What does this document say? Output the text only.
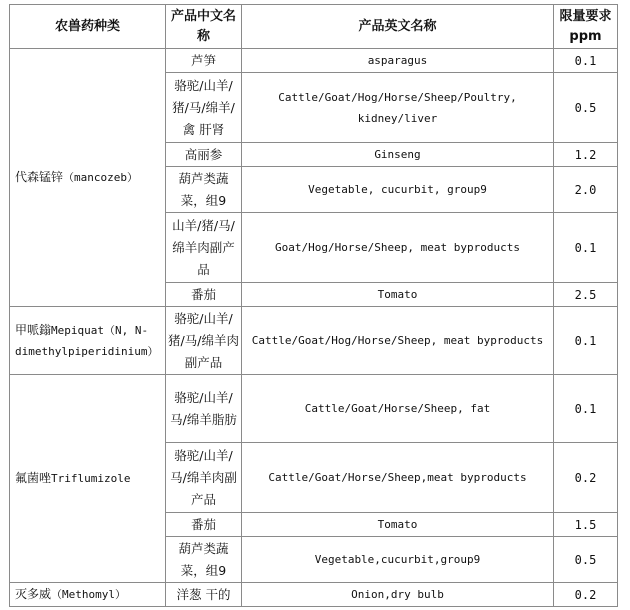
农兽药种类	产品中文名称	产品英文名称	限量要求ppm
代森锰锌（mancozeb）	芦笋	asparagus	0.1
	骆驼/山羊/猪/马/绵羊/禽 肝肾	Cattle/Goat/Hog/Horse/Sheep/Poultry, kidney/liver	0.5
	高丽参	Ginseng	1.2
	葫芦类蔬菜，组9	Vegetable, cucurbit, group9	2.0
	山羊/猪/马/绵羊肉副产品	Goat/Hog/Horse/Sheep, meat byproducts	0.1
	番茄	Tomato	2.5
甲哌鎓Mepiquat（N, N-dimethylpiperidinium）	骆驼/山羊/猪/马/绵羊肉副产品	Cattle/Goat/Hog/Horse/Sheep, meat byproducts	0.1
氟菌唑Triflumizole	骆驼/山羊/马/绵羊脂肪	Cattle/Goat/Horse/Sheep, fat	0.1
	骆驼/山羊/马/绵羊肉副产品	Cattle/Goat/Horse/Sheep,meat byproducts	0.2
	番茄	Tomato	1.5
	葫芦类蔬菜，组9	Vegetable,cucurbit,group9	0.5
灭多威（Methomyl）	洋葱 干的	Onion,dry bulb	0.2
